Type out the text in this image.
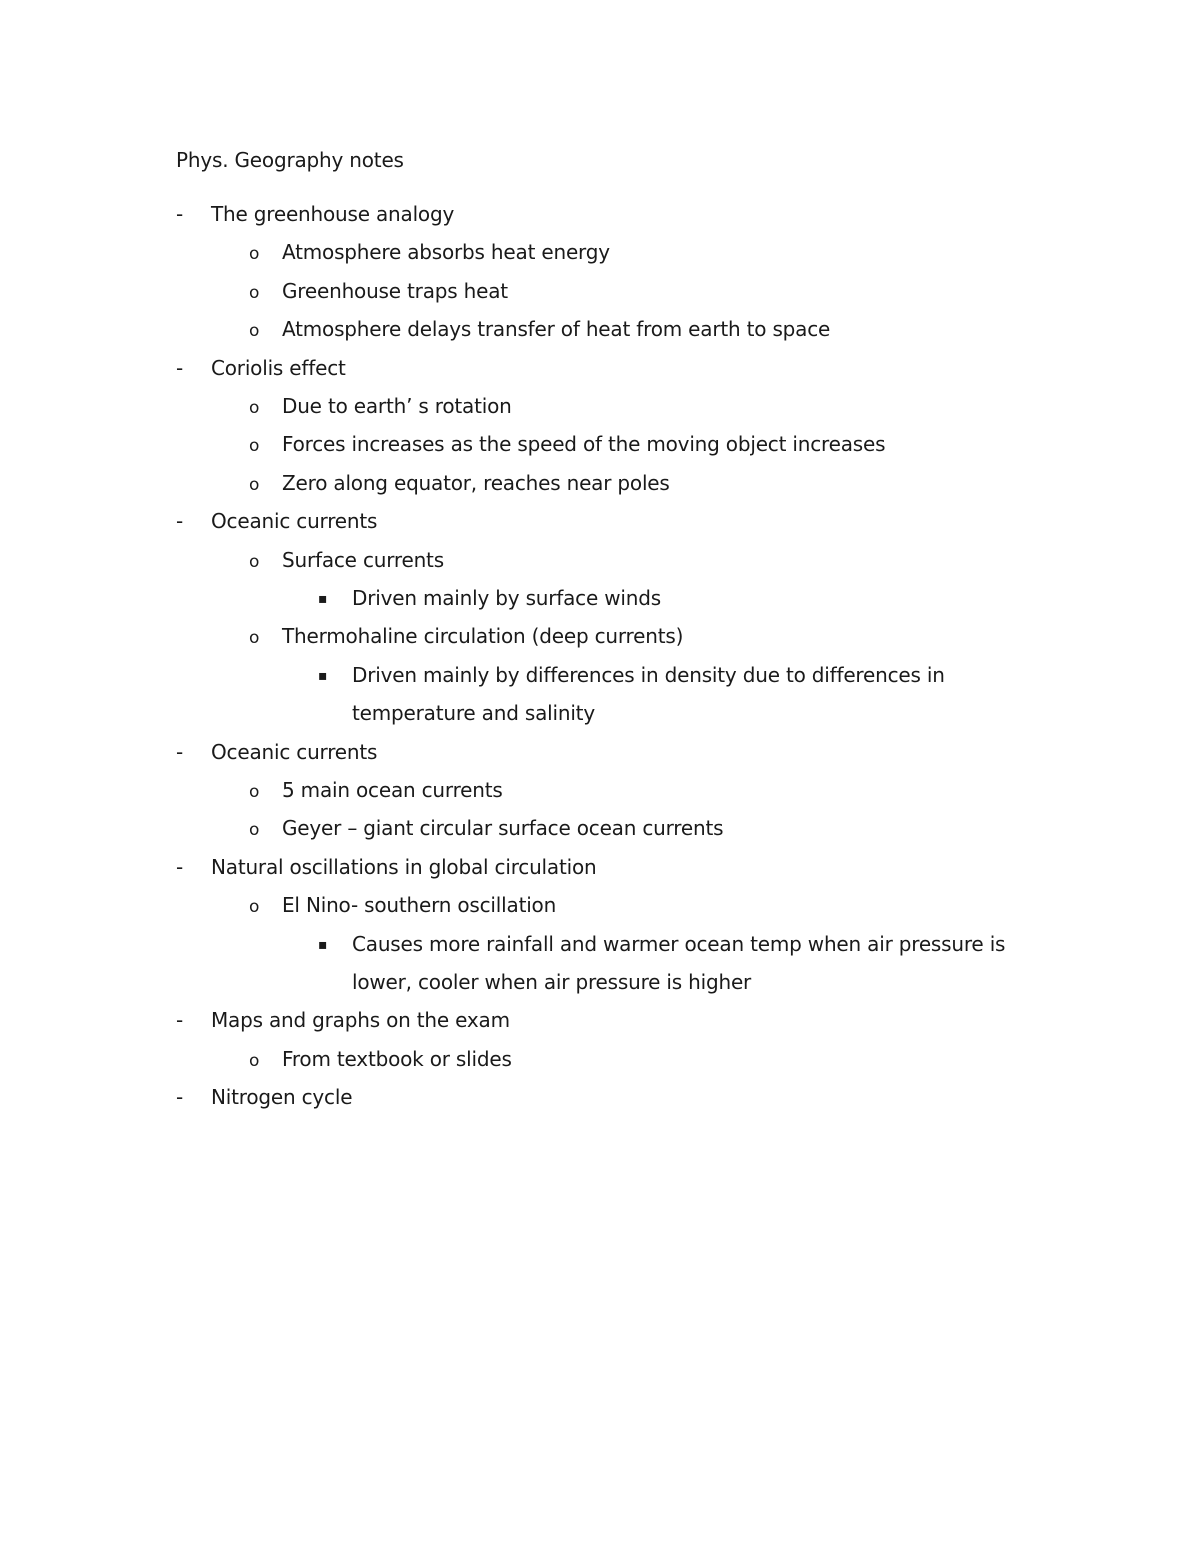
Phys. Geography notes
- The greenhouse analogy
o Atmosphere absorbs heat energy
o Greenhouse traps heat
o Atmosphere delays transfer of heat from earth to space
- Coriolis effect
o Due to earth’ s rotation
o Forces increases as the speed of the moving object increases
o Zero along equator, reaches near poles
- Oceanic currents
o Surface currents
▪ Driven mainly by surface winds
o Thermohaline circulation (deep currents)
▪ Driven mainly by differences in density due to differences in
temperature and salinity
- Oceanic currents
o 5 main ocean currents
o Geyer – giant circular surface ocean currents
- Natural oscillations in global circulation
o El Nino- southern oscillation
▪ Causes more rainfall and warmer ocean temp when air pressure is
lower, cooler when air pressure is higher
- Maps and graphs on the exam
o From textbook or slides
- Nitrogen cycle
